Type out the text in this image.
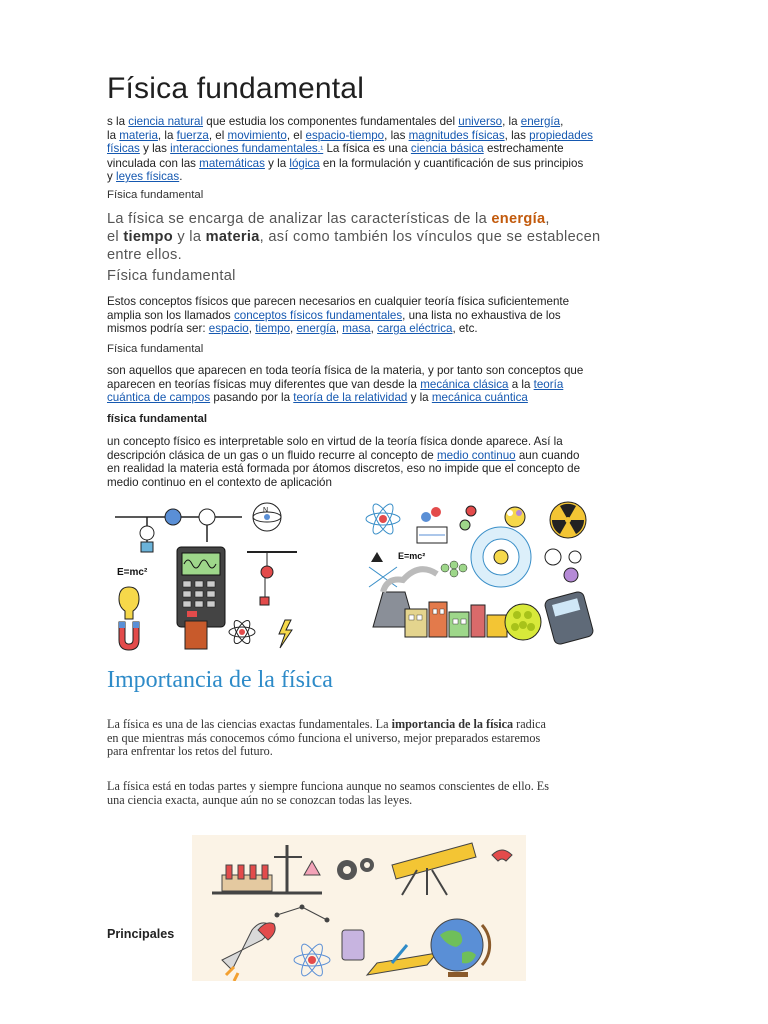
Física fundamental
s la ciencia natural que estudia los componentes fundamentales del universo, la energía,
la materia, la fuerza, el movimiento, el espacio-tiempo, las magnitudes físicas, las propiedades
físicas y las interacciones fundamentales.¹ La física es una ciencia básica estrechamente
vinculada con las matemáticas y la lógica en la formulación y cuantificación de sus principios
y leyes físicas.
Física fundamental
La física se encarga de analizar las características de la energía,
el tiempo y la materia, así como también los vínculos que se establecen
entre ellos.
Física fundamental
Estos conceptos físicos que parecen necesarios en cualquier teoría física suficientemente
amplia son los llamados conceptos físicos fundamentales, una lista no exhaustiva de los
mismos podría ser: espacio, tiempo, energía, masa, carga eléctrica, etc.
Física fundamental
son aquellos que aparecen en toda teoría física de la materia, y por tanto son conceptos que
aparecen en teorías físicas muy diferentes que van desde la mecánica clásica a la teoría
cuántica de campos pasando por la teoría de la relatividad y la mecánica cuántica
física fundamental
un concepto físico es interpretable solo en virtud de la teoría física donde aparece. Así la
descripción clásica de un gas o un fluido recurre al concepto de medio continuo aun cuando
en realidad la materia está formada por átomos discretos, eso no impide que el concepto de
medio continuo en el contexto de aplicación
E=mc²
N
E=mc²
Importancia de la física
La física es una de las ciencias exactas fundamentales. La importancia de la física radica
en que mientras más conocemos cómo funciona el universo, mejor preparados estaremos
para enfrentar los retos del futuro.
La física está en todas partes y siempre funciona aunque no seamos conscientes de ello. Es
una ciencia exacta, aunque aún no se conozcan todas las leyes.
Principales
